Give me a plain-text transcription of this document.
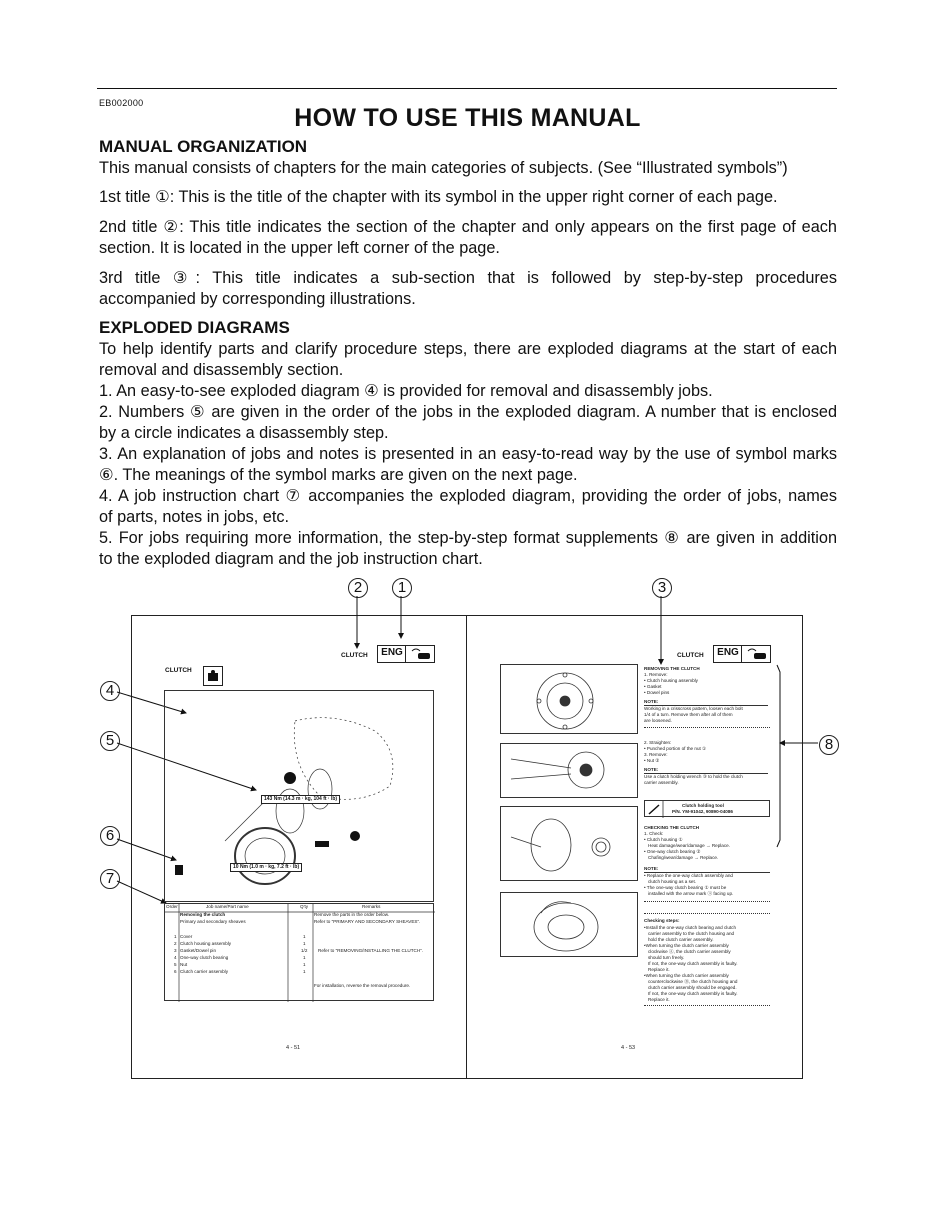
EB002000
HOW TO USE THIS MANUAL
MANUAL ORGANIZATION
This manual consists of chapters for the main categories of subjects. (See “Illustrated symbols”)
1st title ①: This is the title of the chapter with its symbol in the upper right corner of each page.
2nd title ②: This title indicates the section of the chapter and only appears on the first page of each
section. It is located in the upper left corner of the page.
3rd title ③: This title indicates a sub-section that is followed by step-by-step procedures
accompanied by corresponding illustrations.
EXPLODED DIAGRAMS
To help identify parts and clarify procedure steps, there are exploded diagrams at the start of each
removal and disassembly section.
1. An easy-to-see exploded diagram ④ is provided for removal and disassembly jobs.
2. Numbers ⑤ are given in the order of the jobs in the exploded diagram. A number that is enclosed
by a circle indicates a disassembly step.
3. An explanation of jobs and notes is presented in an easy-to-read way by the use of symbol marks
⑥. The meanings of the symbol marks are given on the next page.
4. A job instruction chart ⑦ accompanies the exploded diagram, providing the order of jobs, names
of parts, notes in jobs, etc.
5. For jobs requiring more information, the step-by-step format supplements ⑧ are given in addition
to the exploded diagram and the job instruction chart.
2	1	3
4
5
6
7
8
CLUTCH	ENG
CLUTCH
143 Nm (14.3 m · kg, 104 ft · lb)
10 Nm (1.0 m · kg, 7.2 ft · lb)
Order	Job name/Part name	Q'ty	Remarks
Removing the clutch	Remove the parts in the order below.
Primary and secondary sheaves	Refer to “PRIMARY AND SECONDARY SHEAVES”.
1 Cover	1
2 Clutch housing assembly	1
3 Gasket/Dowel pin	1/2 Refer to “REMOVING/INSTALLING THE CLUTCH”.
4 One-way clutch bearing	1
5 Nut	1
6 Clutch carrier assembly	1
For installation, reverse the removal procedure.
4 - 51
CLUTCH	ENG
REMOVING THE CLUTCH
1. Remove:
• Clutch housing assembly
• Gasket
• Dowel pins
NOTE:
Working in a crisscross pattern, loosen each bolt
1/4 of a turn. Remove them after all of them
are loosened.
2. Straighten:
• Punched portion of the nut ①
3. Remove:
• Nut ②
NOTE:
Use a clutch holding wrench ③ to hold the clutch
carrier assembly.
Clutch holding tool
P/N. YM-91042, 90890-04086
CHECKING THE CLUTCH
1. Check:
• Clutch housing ①
Heat damage/wear/damage → Replace.
• One-way clutch bearing ②
Chafing/wear/damage → Replace.
NOTE:
• Replace the one-way clutch assembly and
clutch housing as a set.
• The one-way clutch bearing ① must be
installed with the arrow mark ⓐ facing up.
Checking steps:
•Install the one-way clutch bearing and clutch
carrier assembly to the clutch housing and
hold the clutch carrier assembly.
•When turning the clutch carrier assembly
clockwise Ⓐ, the clutch carrier assembly
should turn freely.
If not, the one-way clutch assembly is faulty.
Replace it.
•When turning the clutch carrier assembly
counterclockwise Ⓑ, the clutch housing and
clutch carrier assembly should be engaged.
If not, the one-way clutch assembly is faulty.
Replace it.
4 - 53
